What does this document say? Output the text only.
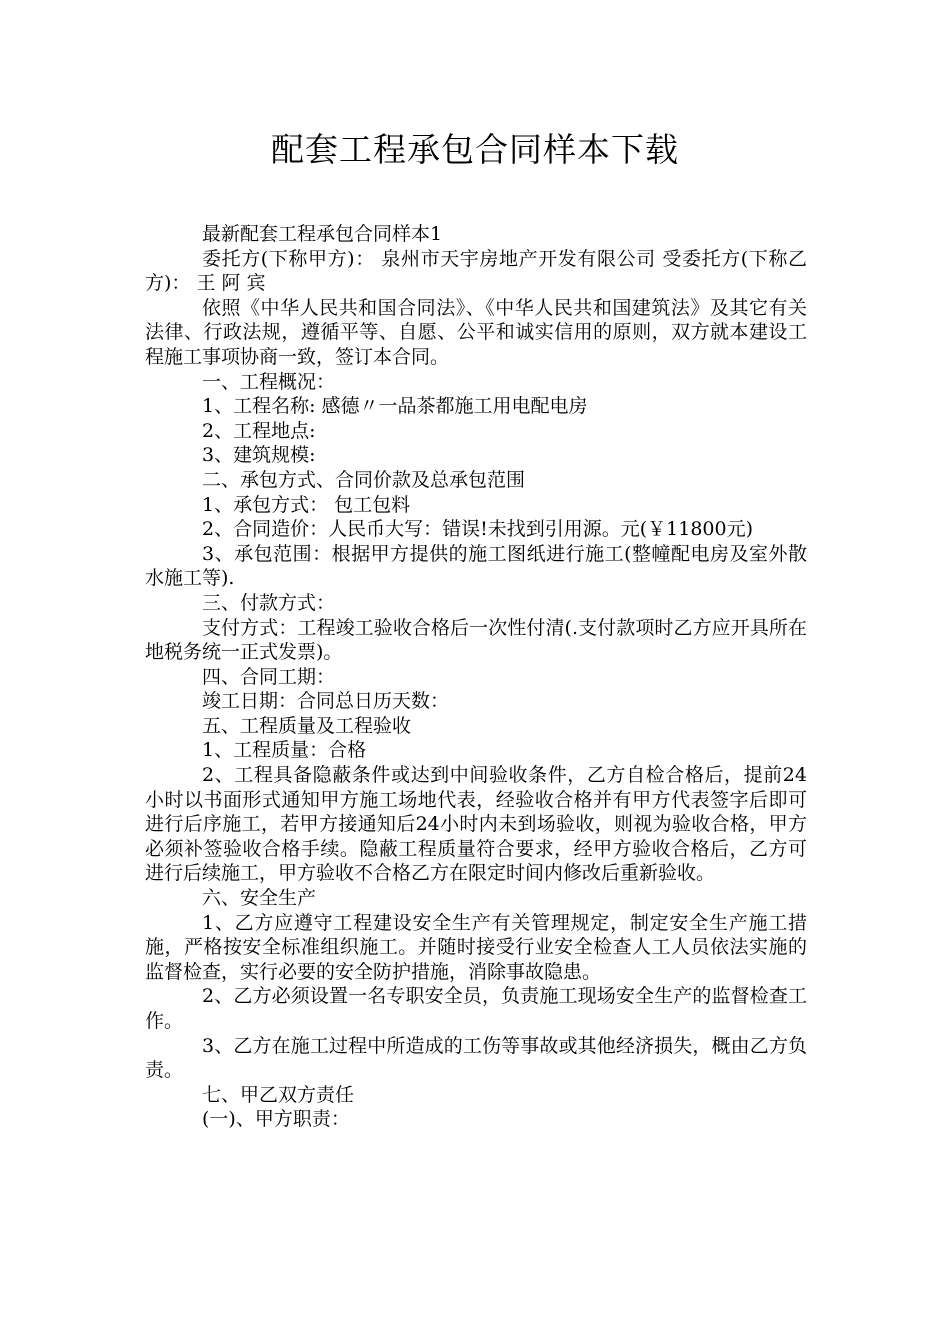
配套工程承包合同样本下载

最新配套工程承包合同样本1

委托方(下称甲方)： 泉州市天宇房地产开发有限公司 受委托方(下称乙方)： 王 阿 宾

依照《中华人民共和国合同法》、《中华人民共和国建筑法》及其它有关法律、行政法规，遵循平等、自愿、公平和诚实信用的原则，双方就本建设工程施工事项协商一致，签订本合同。

一、工程概况：

1、工程名称: 感德〃一品茶都施工用电配电房

2、工程地点:

3、建筑规模:

二、承包方式、合同价款及总承包范围

1、承包方式： 包工包料

2、合同造价：人民币大写：错误!未找到引用源。元(￥11800元)

3、承包范围：根据甲方提供的施工图纸进行施工(整幢配电房及室外散水施工等).

三、付款方式：

支付方式：工程竣工验收合格后一次性付清(.支付款项时乙方应开具所在地税务统一正式发票)。

四、合同工期：

竣工日期：合同总日历天数：

五、工程质量及工程验收

1、工程质量：合格

2、工程具备隐蔽条件或达到中间验收条件，乙方自检合格后，提前24小时以书面形式通知甲方施工场地代表，经验收合格并有甲方代表签字后即可进行后序施工，若甲方接通知后24小时内未到场验收，则视为验收合格，甲方必须补签验收合格手续。隐蔽工程质量符合要求，经甲方验收合格后，乙方可进行后续施工，甲方验收不合格乙方在限定时间内修改后重新验收。

六、安全生产

1、乙方应遵守工程建设安全生产有关管理规定，制定安全生产施工措施，严格按安全标准组织施工。并随时接受行业安全检查人工人员依法实施的监督检查，实行必要的安全防护措施，消除事故隐患。

2、乙方必须设置一名专职安全员，负责施工现场安全生产的监督检查工作。

3、乙方在施工过程中所造成的工伤等事故或其他经济损失，概由乙方负责。

七、甲乙双方责任

(一)、甲方职责：
